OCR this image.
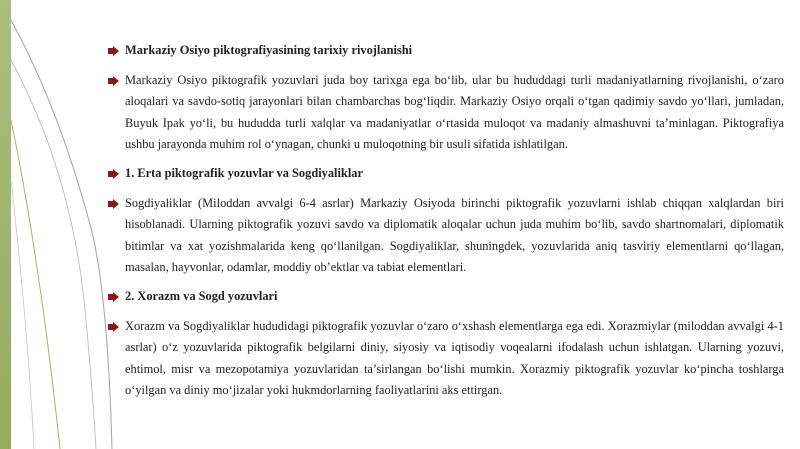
Markaziy Osiyo piktografiyasining tarixiy rivojlanishi
Markaziy Osiyo piktografik yozuvlari juda boy tarixga ega bo‘lib, ular bu hududdagi turli madaniyatlarning rivojlanishi, o‘zaro aloqalari va savdo-sotiq jarayonlari bilan chambarchas bog‘liqdir. Markaziy Osiyo orqali o‘tgan qadimiy savdo yo‘llari, jumladan, Buyuk Ipak yo‘li, bu hududda turli xalqlar va madaniyatlar o‘rtasida muloqot va madaniy almashuvni ta’minlagan. Piktografiya ushbu jarayonda muhim rol o‘ynagan, chunki u muloqotning bir usuli sifatida ishlatilgan.
1. Erta piktografik yozuvlar va Sogdiyaliklar
Sogdiyaliklar (Miloddan avvalgi 6-4 asrlar) Markaziy Osiyoda birinchi piktografik yozuvlarni ishlab chiqqan xalqlardan biri hisoblanadi. Ularning piktografik yozuvi savdo va diplomatik aloqalar uchun juda muhim bo‘lib, savdo shartnomalari, diplomatik bitimlar va xat yozishmalarida keng qo‘llanilgan. Sogdiyaliklar, shuningdek, yozuvlarida aniq tasviriy elementlarni qo‘llagan, masalan, hayvonlar, odamlar, moddiy ob’ektlar va tabiat elementlari.
2. Xorazm va Sogd yozuvlari
Xorazm va Sogdiyaliklar hududidagi piktografik yozuvlar o‘zaro o‘xshash elementlarga ega edi. Xorazmiylar (miloddan avvalgi 4-1 asrlar) o‘z yozuvlarida piktografik belgilarni diniy, siyosiy va iqtisodiy voqealarni ifodalash uchun ishlatgan. Ularning yozuvi, ehtimol, misr va mezopotamiya yozuvlaridan ta’sirlangan bo‘lishi mumkin. Xorazmiy piktografik yozuvlar ko‘pincha toshlarga o‘yilgan va diniy mo‘jizalar yoki hukmdorlarning faoliyatlarini aks ettirgan.
